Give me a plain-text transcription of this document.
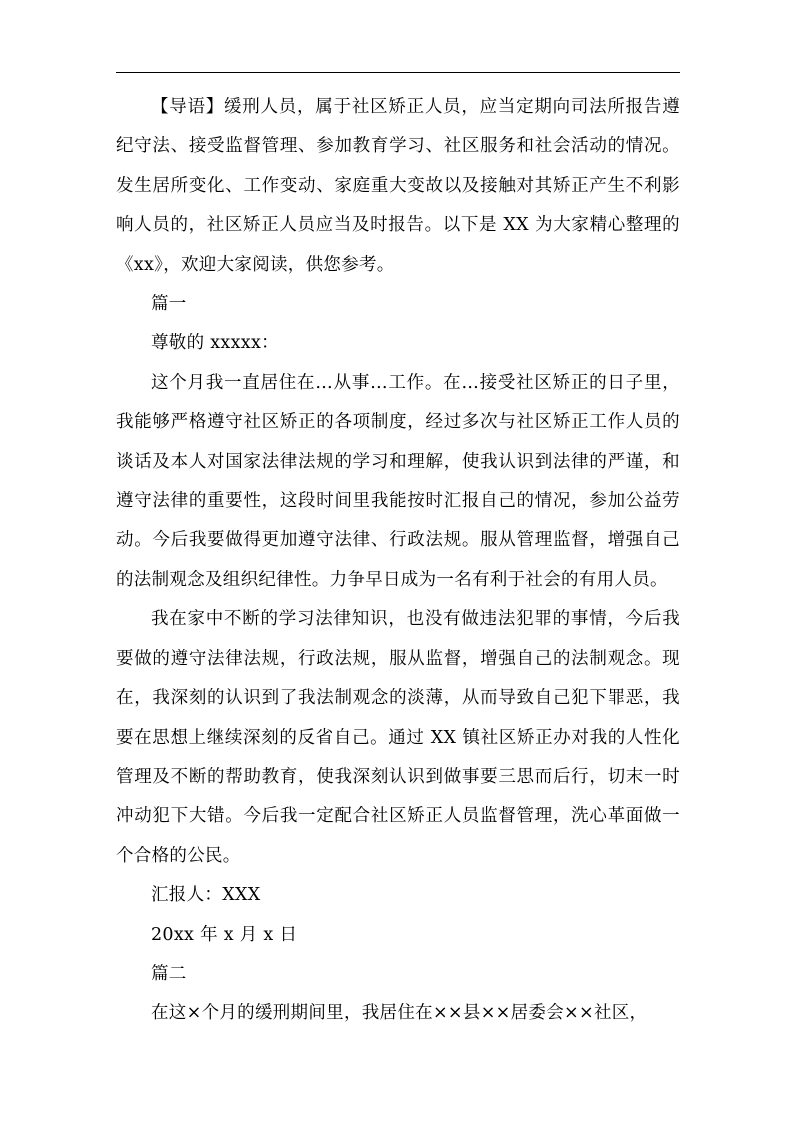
【导语】缓刑人员，属于社区矫正人员，应当定期向司法所报告遵纪守法、接受监督管理、参加教育学习、社区服务和社会活动的情况。发生居所变化、工作变动、家庭重大变故以及接触对其矫正产生不利影响人员的，社区矫正人员应当及时报告。以下是 XX 为大家精心整理的《xx》，欢迎大家阅读，供您参考。

篇一

尊敬的 xxxxx：

这个月我一直居住在…从事…工作。在…接受社区矫正的日子里，我能够严格遵守社区矫正的各项制度，经过多次与社区矫正工作人员的谈话及本人对国家法律法规的学习和理解，使我认识到法律的严谨，和遵守法律的重要性，这段时间里我能按时汇报自己的情况，参加公益劳动。今后我要做得更加遵守法律、行政法规。服从管理监督，增强自己的法制观念及组织纪律性。力争早日成为一名有利于社会的有用人员。

我在家中不断的学习法律知识，也没有做违法犯罪的事情，今后我要做的遵守法律法规，行政法规，服从监督，增强自己的法制观念。现在，我深刻的认识到了我法制观念的淡薄，从而导致自己犯下罪恶，我要在思想上继续深刻的反省自己。通过 XX 镇社区矫正办对我的人性化管理及不断的帮助教育，使我深刻认识到做事要三思而后行，切末一时冲动犯下大错。今后我一定配合社区矫正人员监督管理，洗心革面做一个合格的公民。

汇报人：XXX

20xx 年 x 月 x 日

篇二

在这×个月的缓刑期间里，我居住在××县××居委会××社区，
